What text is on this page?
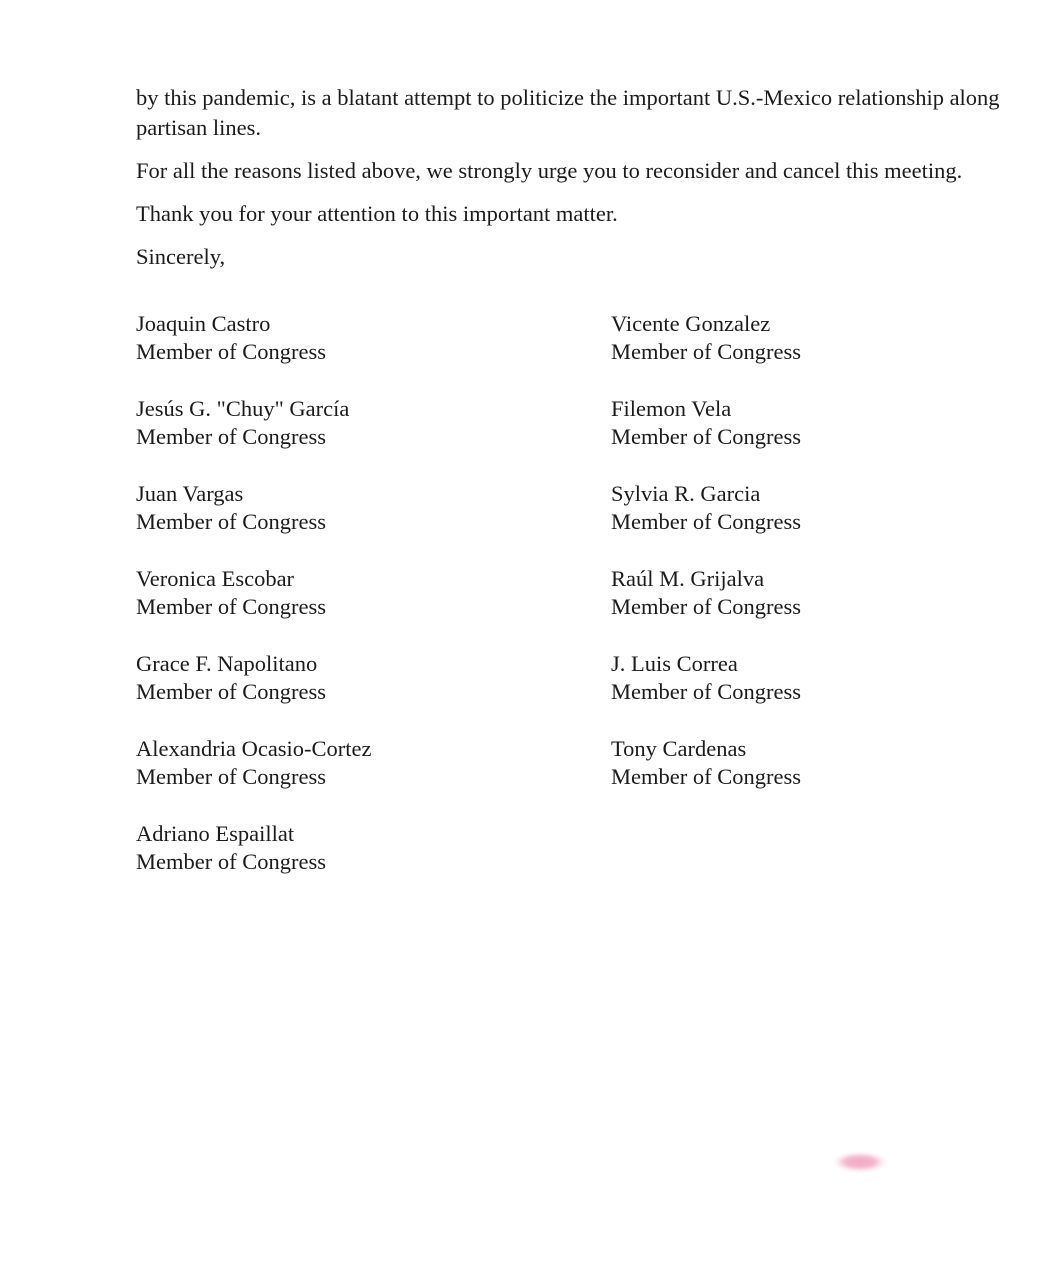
by this pandemic, is a blatant attempt to politicize the important U.S.-Mexico relationship along partisan lines.

For all the reasons listed above, we strongly urge you to reconsider and cancel this meeting.

Thank you for your attention to this important matter.

Sincerely,

Joaquin Castro
Member of Congress
Jesús G. "Chuy" García
Member of Congress
Juan Vargas
Member of Congress
Veronica Escobar
Member of Congress
Grace F. Napolitano
Member of Congress
Alexandria Ocasio-Cortez
Member of Congress
Adriano Espaillat
Member of Congress
Vicente Gonzalez
Member of Congress
Filemon Vela
Member of Congress
Sylvia R. Garcia
Member of Congress
Raúl M. Grijalva
Member of Congress
J. Luis Correa
Member of Congress
Tony Cardenas
Member of Congress
